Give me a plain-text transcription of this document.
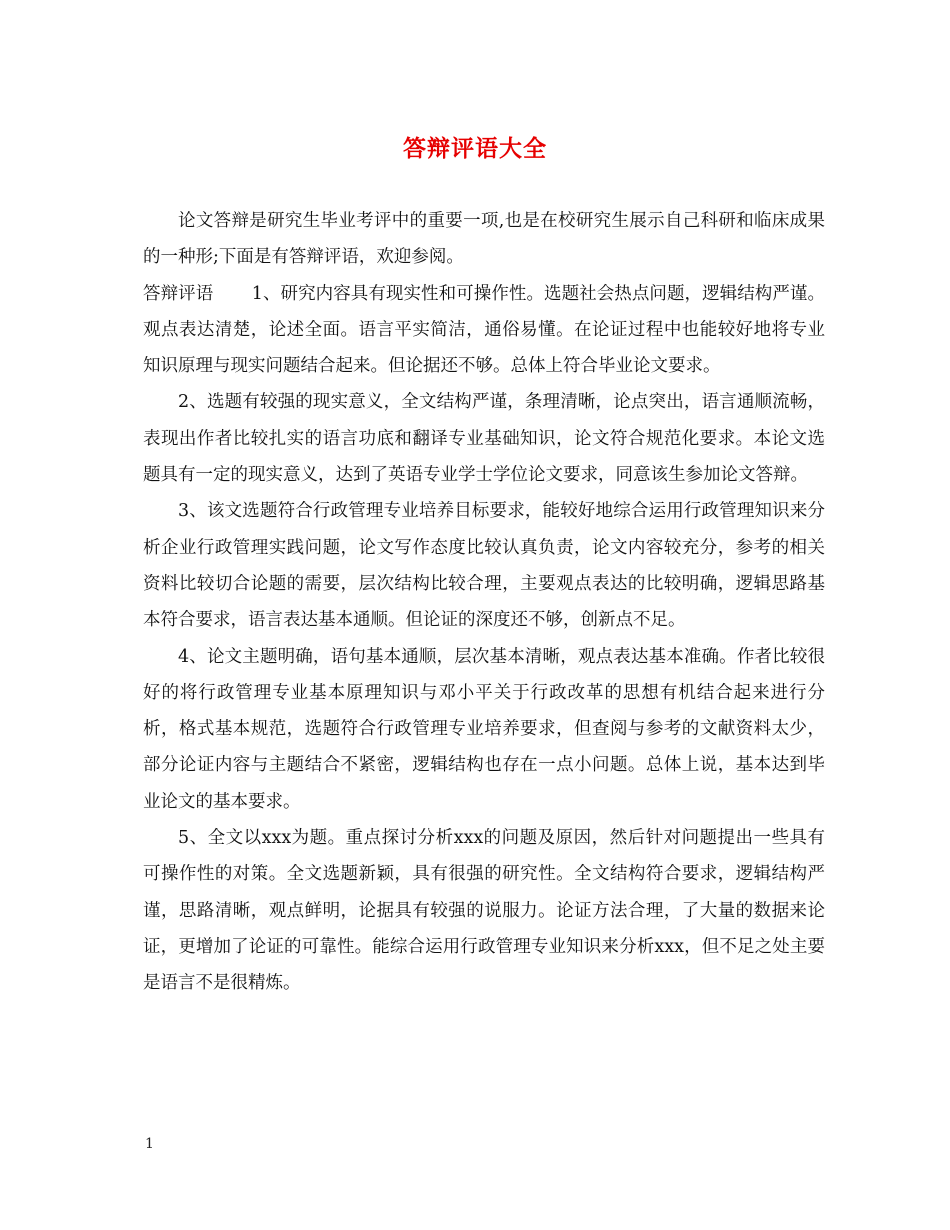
答辩评语大全

论文答辩是研究生毕业考评中的重要一项,也是在校研究生展示自己科研和临床成果的一种形;下面是有答辩评语，欢迎参阅。

答辩评语 1、研究内容具有现实性和可操作性。选题社会热点问题，逻辑结构严谨。观点表达清楚，论述全面。语言平实简洁，通俗易懂。在论证过程中也能较好地将专业知识原理与现实问题结合起来。但论据还不够。总体上符合毕业论文要求。

2、选题有较强的现实意义，全文结构严谨，条理清晰，论点突出，语言通顺流畅，表现出作者比较扎实的语言功底和翻译专业基础知识，论文符合规范化要求。本论文选题具有一定的现实意义，达到了英语专业学士学位论文要求，同意该生参加论文答辩。

3、该文选题符合行政管理专业培养目标要求，能较好地综合运用行政管理知识来分析企业行政管理实践问题，论文写作态度比较认真负责，论文内容较充分，参考的相关资料比较切合论题的需要，层次结构比较合理，主要观点表达的比较明确，逻辑思路基本符合要求，语言表达基本通顺。但论证的深度还不够，创新点不足。

4、论文主题明确，语句基本通顺，层次基本清晰，观点表达基本准确。作者比较很好的将行政管理专业基本原理知识与邓小平关于行政改革的思想有机结合起来进行分析，格式基本规范，选题符合行政管理专业培养要求，但查阅与参考的文献资料太少，部分论证内容与主题结合不紧密，逻辑结构也存在一点小问题。总体上说，基本达到毕业论文的基本要求。

5、全文以xxx为题。重点探讨分析xxx的问题及原因，然后针对问题提出一些具有可操作性的对策。全文选题新颖，具有很强的研究性。全文结构符合要求，逻辑结构严谨，思路清晰，观点鲜明，论据具有较强的说服力。论证方法合理，了大量的数据来论证，更增加了论证的可靠性。能综合运用行政管理专业知识来分析xxx，但不足之处主要是语言不是很精炼。

1
